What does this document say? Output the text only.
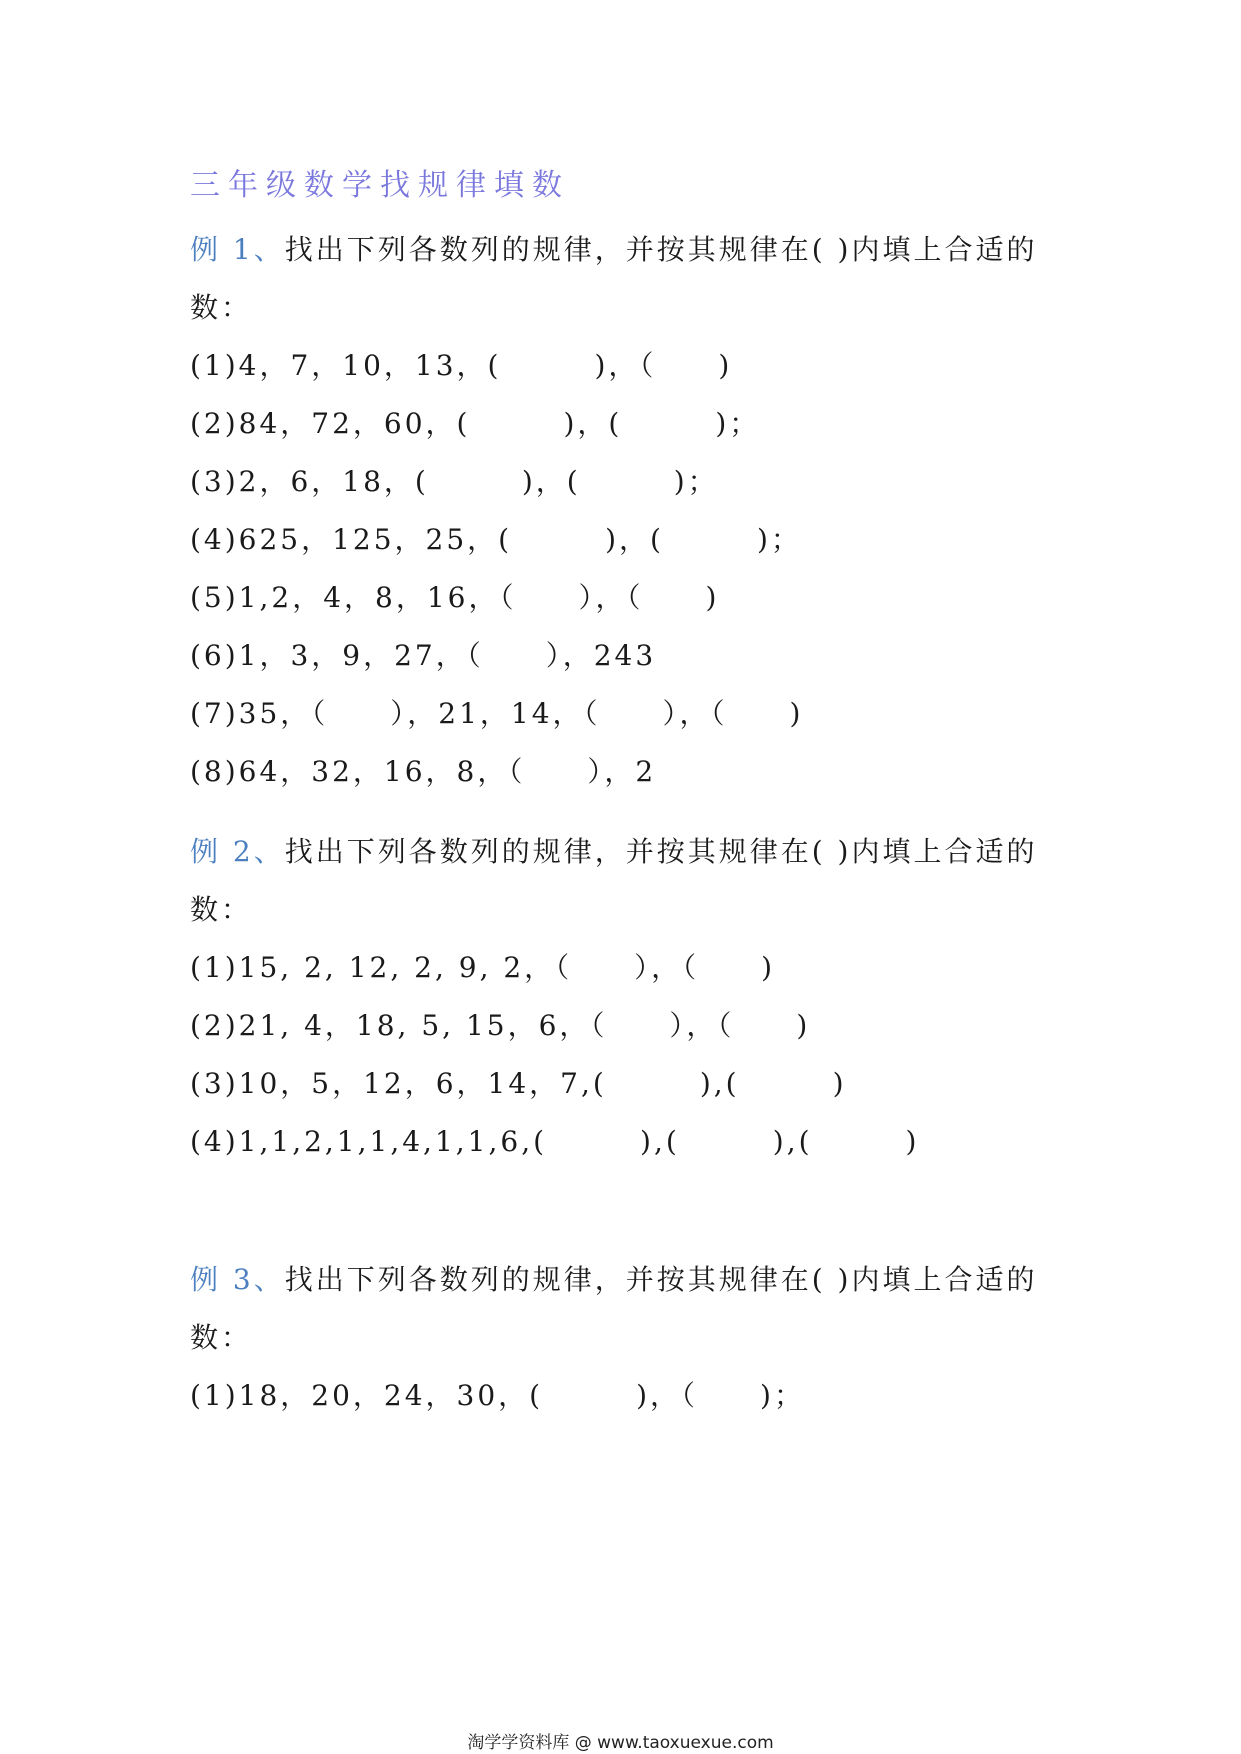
三年级数学找规律填数
例 1、找出下列各数列的规律，并按其规律在( )内填上合适的
数：
(1)4，7，10，13，(　　　)，（　　)
(2)84，72，60，(　　　)，(　　　)；
(3)2，6，18，(　　　)，(　　　)；
(4)625，125，25，(　　　)，(　　　)；
(5)1,2，4，8，16，（　　），（　　)
(6)1，3，9，27，（　　），243
(7)35，（　　），21，14，（　　），（　　)
(8)64，32，16，8，（　　），2
例 2、找出下列各数列的规律，并按其规律在( )内填上合适的
数：
(1)15, 2, 12, 2, 9, 2，（　　），（　　)
(2)21, 4，18, 5, 15，6，（　　），（　　)
(3)10，5，12，6，14，7,(　　　),(　　　)
(4)1,1,2,1,1,4,1,1,6,(　　　),(　　　),(　　　)
例 3、找出下列各数列的规律，并按其规律在( )内填上合适的
数：
(1)18，20，24，30，(　　　)，（　　)；
淘学学资料库 @ www.taoxuexue.com
